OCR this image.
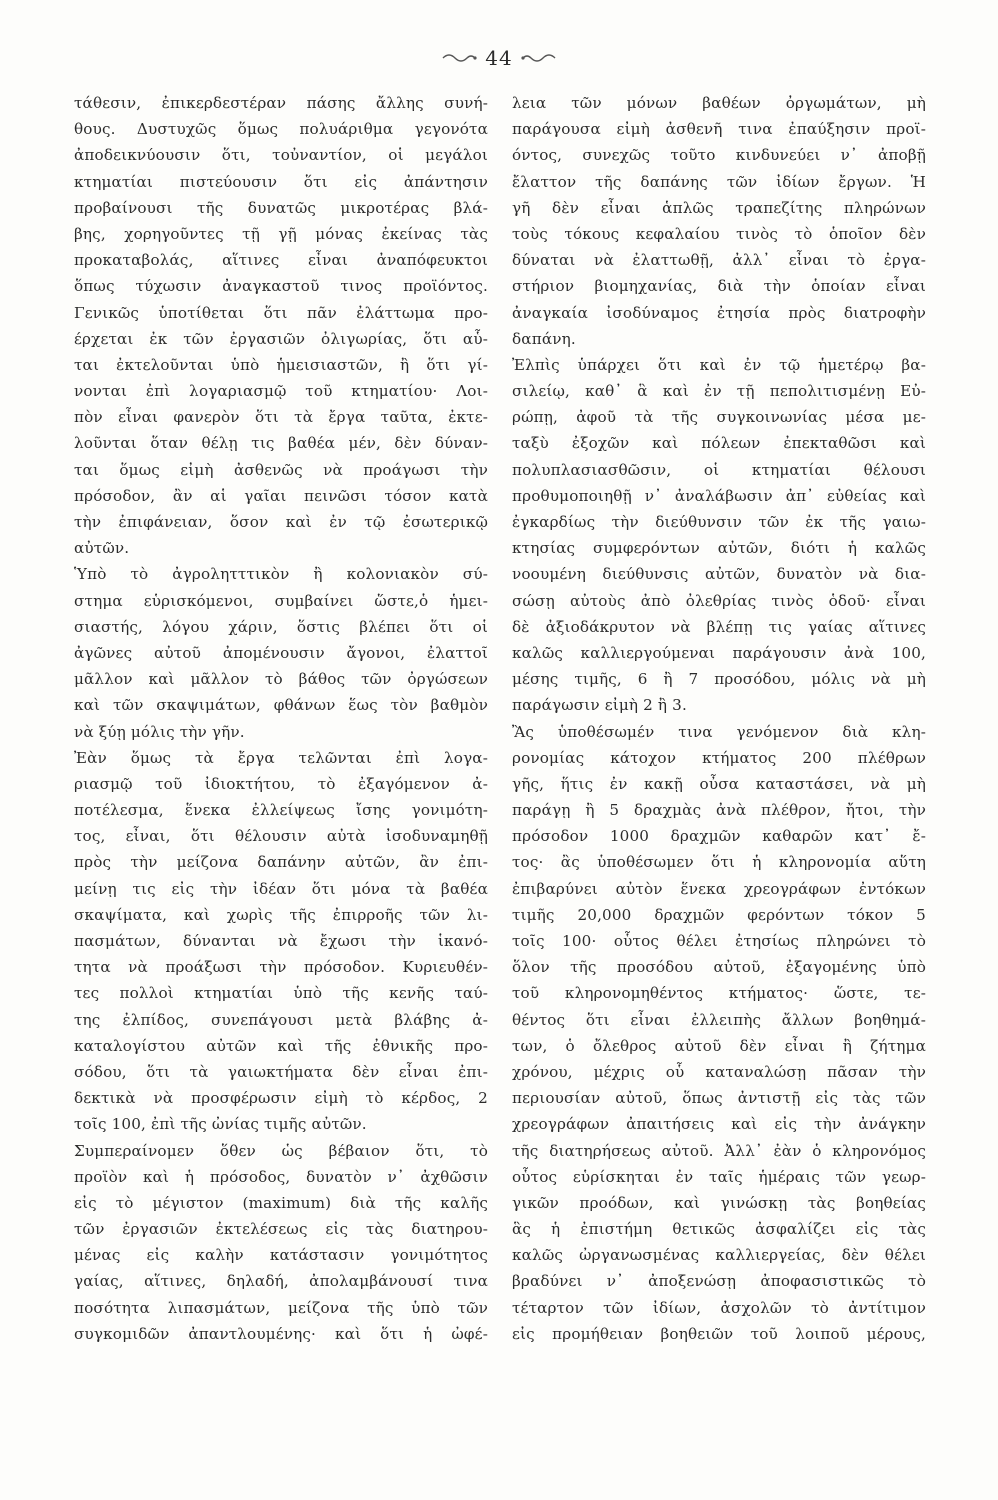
44
τάθεσιν, ἐπικερδεστέραν πάσης ἄλλης συνή-
θους. Δυστυχῶς ὅμως πολυάριθμα γεγονότα
ἀποδεικνύουσιν ὅτι, τοὐναντίον, οἱ μεγάλοι
κτηματίαι πιστεύουσιν ὅτι εἰς ἀπάντησιν
προβαίνουσι τῆς δυνατῶς μικροτέρας βλά-
βης, χορηγοῦντες τῇ γῇ μόνας ἐκείνας τὰς
προκαταβολάς, αἵτινες εἶναι ἀναπόφευκτοι
ὅπως τύχωσιν ἀναγκαστοῦ τινος προϊόντος.
Γενικῶς ὑποτίθεται ὅτι πᾶν ἐλάττωμα προ-
έρχεται ἐκ τῶν ἐργασιῶν ὀλιγωρίας, ὅτι αὗ-
ται ἐκτελοῦνται ὑπὸ ἡμεισιαστῶν, ἢ ὅτι γί-
νονται ἐπὶ λογαριασμῷ τοῦ κτηματίου· Λοι-
πὸν εἶναι φανερὸν ὅτι τὰ ἔργα ταῦτα, ἐκτε-
λοῦνται ὅταν θέλῃ τις βαθέα μέν, δὲν δύναν-
ται ὅμως εἰμὴ ἀσθενῶς νὰ προάγωσι τὴν
πρόσοδον, ἂν αἱ γαῖαι πεινῶσι τόσον κατὰ
τὴν ἐπιφάνειαν, ὅσον καὶ ἐν τῷ ἐσωτερικῷ
αὐτῶν.
Ὑπὸ τὸ ἀγρολητττικὸν ἢ κολονιακὸν σύ-
στημα εὑρισκόμενοι, συμβαίνει ὥστε,ὁ ἡμει-
σιαστής, λόγου χάριν, ὅστις βλέπει ὅτι οἱ
ἀγῶνες αὐτοῦ ἀπομένουσιν ἄγονοι, ἐλαττοῖ
μᾶλλον καὶ μᾶλλον τὸ βάθος τῶν ὀργώσεων
καὶ τῶν σκαψιμάτων, φθάνων ἕως τὸν βαθμὸν
νὰ ξύῃ μόλις τὴν γῆν.
Ἐὰν ὅμως τὰ ἔργα τελῶνται ἐπὶ λογα-
ριασμῷ τοῦ ἰδιοκτήτου, τὸ ἐξαγόμενον ἀ-
ποτέλεσμα, ἕνεκα ἐλλείψεως ἴσης γονιμότη-
τος, εἶναι, ὅτι θέλουσιν αὐτὰ ἰσοδυναμηθῇ
πρὸς τὴν μείζονα δαπάνην αὐτῶν, ἂν ἐπι-
μείνῃ τις εἰς τὴν ἰδέαν ὅτι μόνα τὰ βαθέα
σκαψίματα, καὶ χωρὶς τῆς ἐπιρροῆς τῶν λι-
πασμάτων, δύνανται νὰ ἔχωσι τὴν ἱκανό-
τητα νὰ προάξωσι τὴν πρόσοδον. Κυριευθέν-
τες πολλοὶ κτηματίαι ὑπὸ τῆς κενῆς ταύ-
της ἐλπίδος, συνεπάγουσι μετὰ βλάβης ἀ-
καταλογίστου αὐτῶν καὶ τῆς ἐθνικῆς προ-
σόδου, ὅτι τὰ γαιωκτήματα δὲν εἶναι ἐπι-
δεκτικὰ νὰ προσφέρωσιν εἰμὴ τὸ κέρδος, 2
τοῖς 100, ἐπὶ τῆς ὠνίας τιμῆς αὐτῶν.
Συμπεραίνομεν ὅθεν ὡς βέβαιον ὅτι, τὸ
προϊὸν καὶ ἡ πρόσοδος, δυνατὸν ν᾽ ἀχθῶσιν
εἰς τὸ μέγιστον (maximum) διὰ τῆς καλῆς
τῶν ἐργασιῶν ἐκτελέσεως εἰς τὰς διατηρου-
μένας εἰς καλὴν κατάστασιν γονιμότητος
γαίας, αἵτινες, δηλαδή, ἀπολαμβάνουσί τινα
ποσότητα λιπασμάτων, μείζονα τῆς ὑπὸ τῶν
συγκομιδῶν ἀπαντλουμένης· καὶ ὅτι ἡ ὠφέ-
λεια τῶν μόνων βαθέων ὀργωμάτων, μὴ
παράγουσα εἰμὴ ἀσθενῆ τινα ἐπαύξησιν προϊ-
όντος, συνεχῶς τοῦτο κινδυνεύει ν᾽ ἀποβῇ
ἔλαττον τῆς δαπάνης τῶν ἰδίων ἔργων. Ἡ
γῆ δὲν εἶναι ἁπλῶς τραπεζίτης πληρώνων
τοὺς τόκους κεφαλαίου τινὸς τὸ ὁποῖον δὲν
δύναται νὰ ἐλαττωθῇ, ἀλλ᾽ εἶναι τὸ ἐργα-
στήριον βιομηχανίας, διὰ τὴν ὁποίαν εἶναι
ἀναγκαία ἰσοδύναμος ἐτησία πρὸς διατροφὴν
δαπάνη.
Ἐλπὶς ὑπάρχει ὅτι καὶ ἐν τῷ ἡμετέρῳ βα-
σιλείῳ, καθ᾽ ἃ καὶ ἐν τῇ πεπολιτισμένῃ Εὐ-
ρώπῃ, ἀφοῦ τὰ τῆς συγκοινωνίας μέσα με-
ταξὺ ἐξοχῶν καὶ πόλεων ἐπεκταθῶσι καὶ
πολυπλασιασθῶσιν, οἱ κτηματίαι θέλουσι
προθυμοποιηθῇ ν᾽ ἀναλάβωσιν ἀπ᾽ εὐθείας καὶ
ἐγκαρδίως τὴν διεύθυνσιν τῶν ἐκ τῆς γαιω-
κτησίας συμφερόντων αὐτῶν, διότι ἡ καλῶς
νοουμένη διεύθυνσις αὐτῶν, δυνατὸν νὰ δια-
σώσῃ αὐτοὺς ἀπὸ ὀλεθρίας τινὸς ὁδοῦ· εἶναι
δὲ ἀξιοδάκρυτον νὰ βλέπῃ τις γαίας αἵτινες
καλῶς καλλιεργούμεναι παράγουσιν ἀνὰ 100,
μέσης τιμῆς, 6 ἢ 7 προσόδου, μόλις νὰ μὴ
παράγωσιν εἰμὴ 2 ἢ 3.
Ἂς ὑποθέσωμέν τινα γενόμενον διὰ κλη-
ρονομίας κάτοχον κτήματος 200 πλέθρων
γῆς, ἥτις ἐν κακῇ οὖσα καταστάσει, νὰ μὴ
παράγῃ ἢ 5 δραχμὰς ἀνὰ πλέθρον, ἤτοι, τὴν
πρόσοδον 1000 δραχμῶν καθαρῶν κατ᾽ ἔ-
τος· ἂς ὑποθέσωμεν ὅτι ἡ κληρονομία αὕτη
ἐπιβαρύνει αὐτὸν ἕνεκα χρεογράφων ἐντόκων
τιμῆς 20,000 δραχμῶν φερόντων τόκον 5
τοῖς 100· οὗτος θέλει ἐτησίως πληρώνει τὸ
ὅλον τῆς προσόδου αὐτοῦ, ἐξαγομένης ὑπὸ
τοῦ κληρονομηθέντος κτήματος· ὥστε, τε-
θέντος ὅτι εἶναι ἐλλειπὴς ἄλλων βοηθημά-
των, ὁ ὄλεθρος αὐτοῦ δὲν εἶναι ἢ ζήτημα
χρόνου, μέχρις οὗ καταναλώσῃ πᾶσαν τὴν
περιουσίαν αὐτοῦ, ὅπως ἀντιστῇ εἰς τὰς τῶν
χρεογράφων ἀπαιτήσεις καὶ εἰς τὴν ἀνάγκην
τῆς διατηρήσεως αὐτοῦ. Ἀλλ᾽ ἐὰν ὁ κληρονόμος
οὗτος εὑρίσκηται ἐν ταῖς ἡμέραις τῶν γεωρ-
γικῶν προόδων, καὶ γινώσκῃ τὰς βοηθείας
ἃς ἡ ἐπιστήμη θετικῶς ἀσφαλίζει εἰς τὰς
καλῶς ὠργανωσμένας καλλιεργείας, δὲν θέλει
βραδύνει ν᾽ ἀποξενώσῃ ἀποφασιστικῶς τὸ
τέταρτον τῶν ἰδίων, ἀσχολῶν τὸ ἀντίτιμον
εἰς προμήθειαν βοηθειῶν τοῦ λοιποῦ μέρους,
